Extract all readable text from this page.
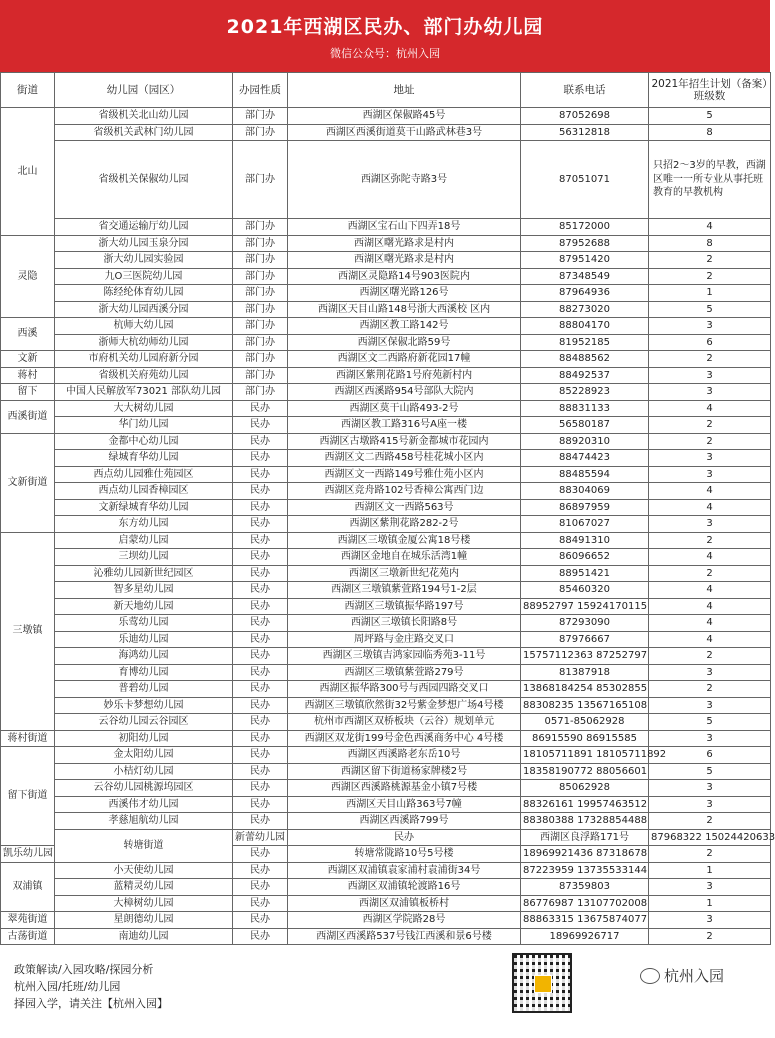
2021年西湖区民办、部门办幼儿园
微信公众号：杭州入园
街道	幼儿园（园区）	办园性质	地址	联系电话	2021年招生计划（备案）班级数	
北山	省级机关北山幼儿园	部门办	西湖区保俶路45号	87052698	5	
	省级机关武林门幼儿园	部门办	西湖区西溪街道莫干山路武林巷3号	56312818	8	
	省级机关保俶幼儿园	部门办	西湖区弥陀寺路3号	87051071	只招2～3岁的早教，西湖区唯一一所专业从事托班教育的早教机构	
	省交通运输厅幼儿园	部门办	西湖区宝石山下四弄18号	85172000	4	
灵隐	浙大幼儿园玉泉分园	部门办	西湖区曙光路求是村内	87952688	8	
	浙大幼儿园实验园	部门办	西湖区曙光路求是村内	87951420	2	
	九O三医院幼儿园	部门办	西湖区灵隐路14号903医院内	87348549	2	
	陈经纶体育幼儿园	部门办	西湖区曙光路126号	87964936	1	
	浙大幼儿园西溪分园	部门办	西湖区天目山路148号浙大西溪校 区内	88273020	5	
西溪	杭师大幼儿园	部门办	西湖区教工路142号	88804170	3	
	浙师大杭幼师幼儿园	部门办	西湖区保俶北路59号	81952185	6	
文新	市府机关幼儿园府新分园	部门办	西湖区文二西路府新花园17幢	88488562	2	
蒋村	省级机关府苑幼儿园	部门办	西湖区紫荆花路1号府苑新村内	88492537	3	
留下	中国人民解放军73021 部队幼儿园	部门办	西湖区西溪路954号部队大院内	85228923	3	
西溪街道	大大树幼儿园	民办	西湖区莫干山路493-2号	88831133	4	
	华门幼儿园	民办	西湖区教工路316号A座一楼	56580187	2	
文新街道	金都中心幼儿园	民办	西湖区古墩路415号新金都城市花园内	88920310	2	
	绿城育华幼儿园	民办	西湖区文二西路458号桂花城小区内	88474423	3	
	西点幼儿园雅仕苑园区	民办	西湖区文一西路149号雅仕苑小区内	88485594	3	
	西点幼儿园香樟园区	民办	西湖区竞舟路102号香樟公寓西门边	88304069	4	
	文新绿城育华幼儿园	民办	西湖区文一西路563号	86897959	4	
	东方幼儿园	民办	西湖区紫荆花路282-2号	81067027	3	
三墩镇	启蒙幼儿园	民办	西湖区三墩镇金厦公寓18号楼	88491310	2	
	三坝幼儿园	民办	西湖区金地自在城乐活湾1幢	86096652	4	
	沁雅幼儿园新世纪园区	民办	西湖区三墩新世纪花苑内	88951421	2	
	智多星幼儿园	民办	西湖区三墩镇紫萱路194号1-2层	85460320	4	
	新天地幼儿园	民办	西湖区三墩镇振华路197号	88952797 15924170115	4	
	乐莺幼儿园	民办	西湖区三墩镇长阳路8号	87293090	4	
	乐迪幼儿园	民办	周坪路与金庄路交叉口	87976667	4	
	海鸿幼儿园	民办	西湖区三墩镇吉鸿家园临秀苑3-11号	15757112363 87252797	2	
	育博幼儿园	民办	西湖区三墩镇紫萱路279号	81387918	3	
	普碧幼儿园	民办	西湖区振华路300号与西园四路交叉口	13868184254 85302855	2	
	妙乐卡梦想幼儿园	民办	西湖区三墩镇欣然街32号紫金梦想广场4号楼	88308235 13567165108	3	
	云谷幼儿园云谷园区	民办	杭州市西湖区双桥板块（云谷）规划单元	0571-85062928	5	
蒋村街道	初阳幼儿园	民办	西湖区双龙街199号金色西溪商务中心 4号楼	86915590 86915585	3	
留下街道	金太阳幼儿园	民办	西湖区西溪路老东岳10号	18105711891 18105711892	6	
	小桔灯幼儿园	民办	西湖区留下街道杨家牌楼2号	18358190772 88056601	5	
	云谷幼儿园桃源坞园区	民办	西湖区西溪路桃源基金小镇7号楼	85062928	3	
	西溪伟才幼儿园	民办	西湖区天目山路363号7幢	88326161 19957463512	3	
	孝慈旭航幼儿园	民办	西湖区西溪路799号	88380388 17328854488	2	
	转塘街道	新蕾幼儿园	民办	西湖区良浮路171号	87968322 15024420633	
凯乐幼儿园		民办	转塘常陇路10号5号楼	18969921436 87318678	2	
双浦镇	小天使幼儿园	民办	西湖区双浦镇袁家浦村袁浦街34号	87223959 13735533144	1	
	蓝精灵幼儿园	民办	西湖区双浦镇轮渡路16号	87359803	3	
	大樟树幼儿园	民办	西湖区双浦镇板桥村	86776987 13107702008	1	
翠苑街道	星朗德幼儿园	民办	西湖区学院路28号	88863315 13675874077	3	
古荡街道	南迪幼儿园	民办	西湖区西溪路537号钱江西溪和景6号楼	18969926717	2	
政策解读/入园攻略/探园分析
杭州入园/托班/幼儿园
择园入学，请关注【杭州入园】
杭州入园
